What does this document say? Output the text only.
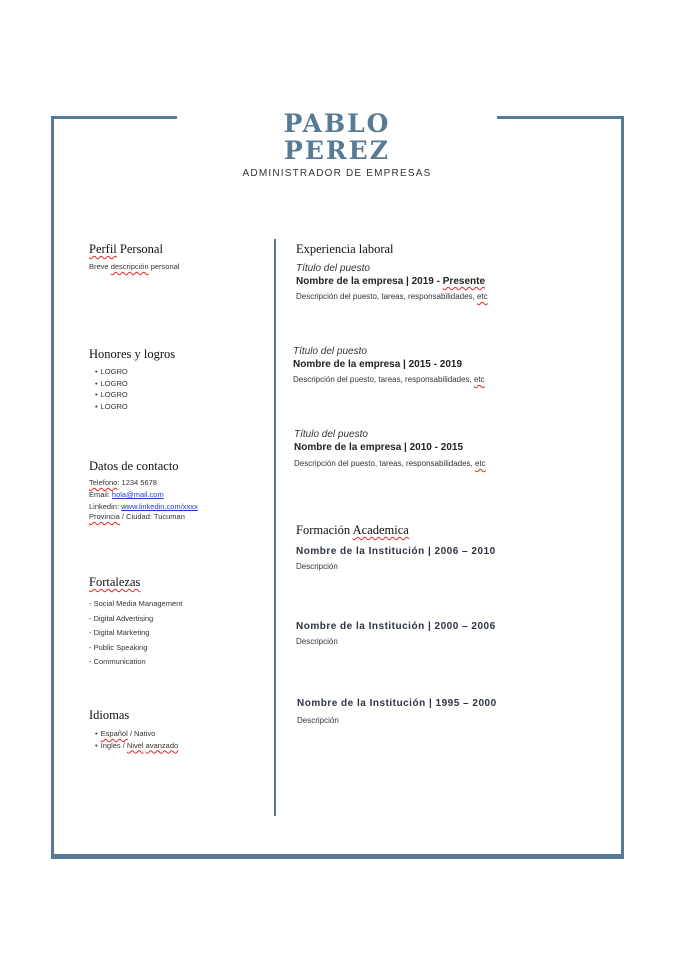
PABLO
PEREZ
ADMINISTRADOR DE EMPRESAS
Perfil Personal
Breve descripción personal
Honores y logros
• LOGRO
• LOGRO
• LOGRO
• LOGRO
Datos de contacto
Telefono: 1234 5678
Email: hola@mail.com
Linkedin: www.linkedin.com/xxxx
Provincia / Ciudad: Tucuman
Fortalezas
- Social Media Management
- Digital Advertising
- Digital Marketing
- Public Speaking
- Communication
Idiomas
• Español / Nativo
• Ingles / Nivel avanzado
Experiencia laboral
Título del puesto
Nombre de la empresa | 2019 - Presente
Descripción del puesto, tareas, responsabilidades, etc
Título del puesto
Nombre de la empresa | 2015 - 2019
Descripción del puesto, tareas, responsabilidades, etc
Título del puesto
Nombre de la empresa | 2010 - 2015
Descripción del puesto, tareas, responsabilidades, etc
Formación Academica
Nombre de la Institución | 2006 – 2010
Descripción
Nombre de la Institución | 2000 – 2006
Descripción
Nombre de la Institución | 1995 – 2000
Descripción
